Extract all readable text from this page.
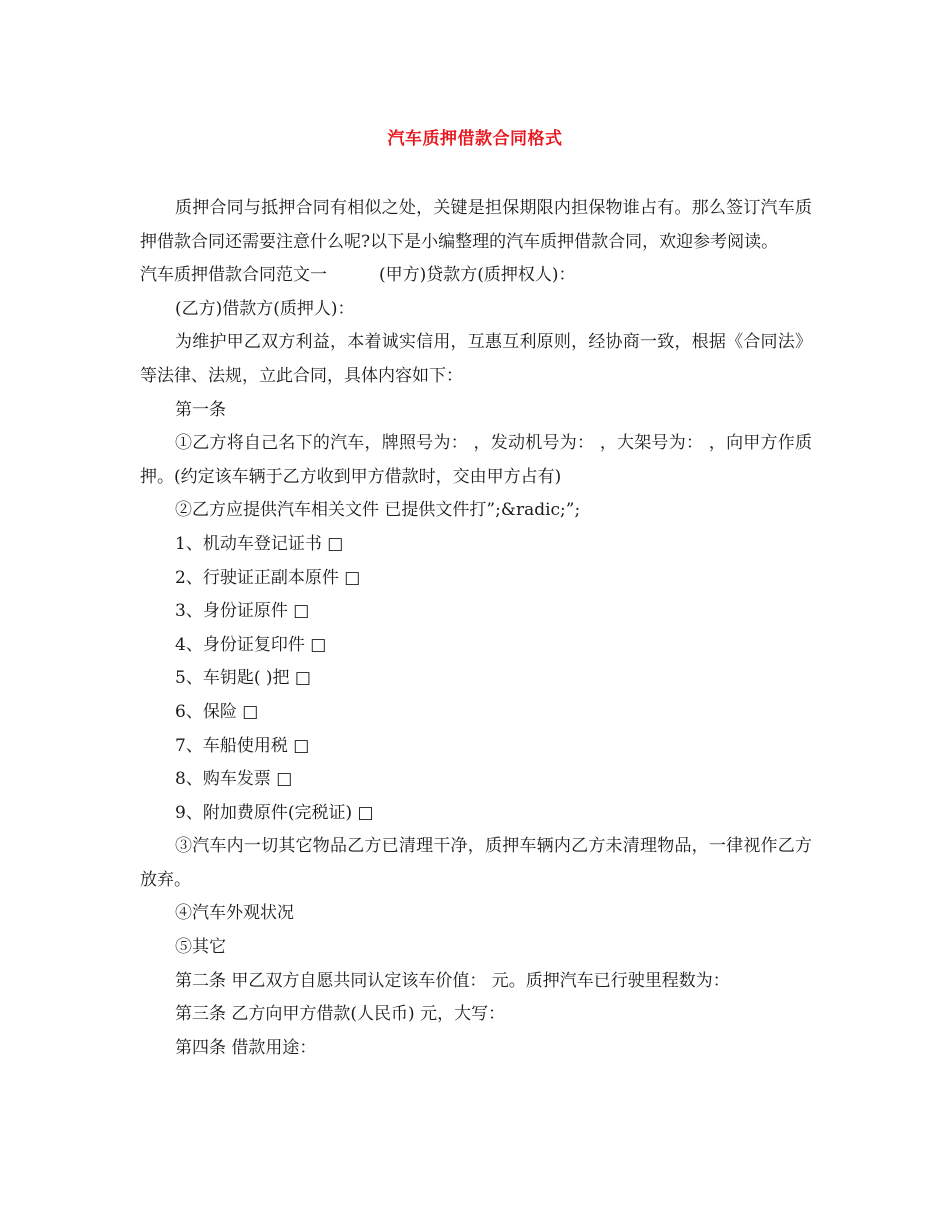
汽车质押借款合同格式

质押合同与抵押合同有相似之处，关键是担保期限内担保物谁占有。那么签订汽车质押借款合同还需要注意什么呢?以下是小编整理的汽车质押借款合同，欢迎参考阅读。

汽车质押借款合同范文一	(甲方)贷款方(质押权人)：

(乙方)借款方(质押人)：

为维护甲乙双方利益，本着诚实信用，互惠互利原则，经协商一致，根据《合同法》等法律、法规，立此合同，具体内容如下：

第一条

①乙方将自己名下的汽车，牌照号为： ，发动机号为： ，大架号为： ，向甲方作质押。(约定该车辆于乙方收到甲方借款时，交由甲方占有)

②乙方应提供汽车相关文件 已提供文件打”;&radic;”;

1、机动车登记证书 □

2、行驶证正副本原件 □

3、身份证原件 □

4、身份证复印件 □

5、车钥匙( )把 □

6、保险 □

7、车船使用税 □

8、购车发票 □

9、附加费原件(完税证) □

③汽车内一切其它物品乙方已清理干净，质押车辆内乙方未清理物品，一律视作乙方放弃。

④汽车外观状况

⑤其它

第二条 甲乙双方自愿共同认定该车价值： 元。质押汽车已行驶里程数为：

第三条 乙方向甲方借款(人民币) 元，大写：

第四条 借款用途：
